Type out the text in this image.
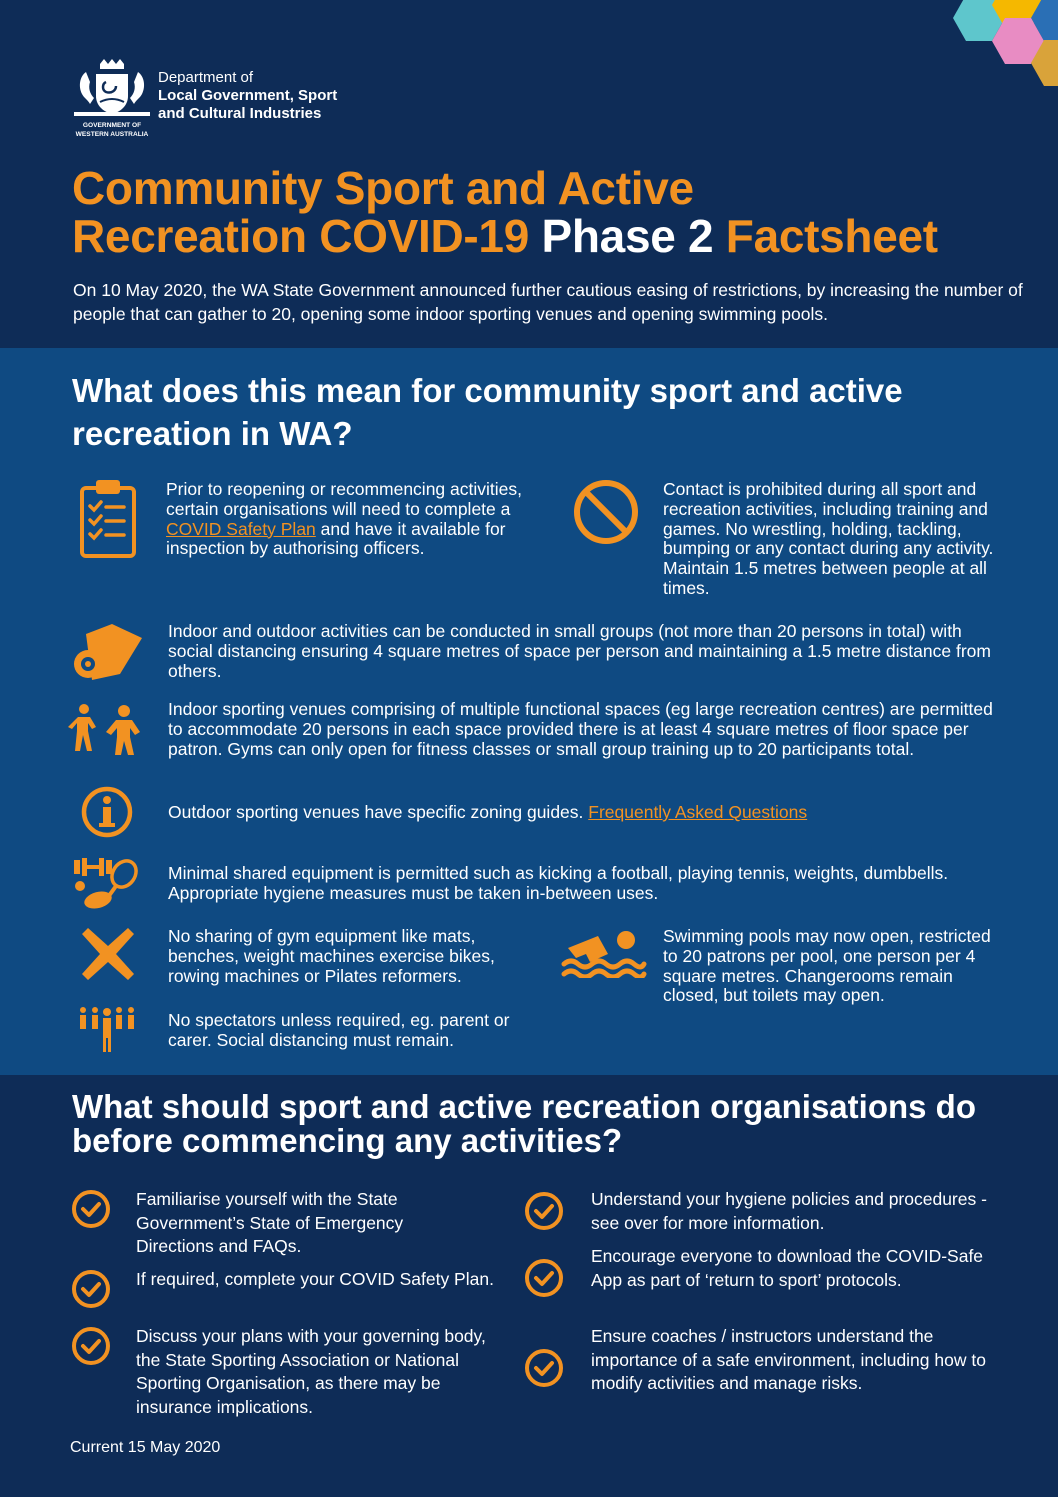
GOVERNMENT OF
WESTERN AUSTRALIA
Department of
Local Government, Sport
and Cultural Industries
Community Sport and Active
Recreation COVID-19 Phase 2 Factsheet
On 10 May 2020, the WA State Government announced further cautious easing of restrictions, by increasing the number of people that can gather to 20, opening some indoor sporting venues and opening swimming pools.
What does this mean for community sport and active recreation in WA?
Prior to reopening or recommencing activities, certain organisations will need to complete a COVID Safety Plan and have it available for inspection by authorising officers.
Contact is prohibited during all sport and recreation activities, including training and games. No wrestling, holding, tackling, bumping or any contact during any activity. Maintain 1.5 metres between people at all times.
Indoor and outdoor activities can be conducted in small groups (not more than 20 persons in total) with social distancing ensuring 4 square metres of space per person and maintaining a 1.5 metre distance from others.
Indoor sporting venues comprising of multiple functional spaces (eg large recreation centres) are permitted to accommodate 20 persons in each space provided there is at least 4 square metres of floor space per patron. Gyms can only open for fitness classes or small group training up to 20 participants total.
Outdoor sporting venues have specific zoning guides. Frequently Asked Questions
Minimal shared equipment is permitted such as kicking a football, playing tennis, weights, dumbbells. Appropriate hygiene measures must be taken in-between uses.
No sharing of gym equipment like mats, benches, weight machines exercise bikes, rowing machines or Pilates reformers.
Swimming pools may now open, restricted to 20 patrons per pool, one person per 4 square metres. Changerooms remain closed, but toilets may open.
No spectators unless required, eg. parent or carer. Social distancing must remain.
What should sport and active recreation organisations do before commencing any activities?
Familiarise yourself with the State Government’s State of Emergency Directions and FAQs.
If required, complete your COVID Safety Plan.
Discuss your plans with your governing body, the State Sporting Association or National Sporting Organisation, as there may be insurance implications.
Understand your hygiene policies and procedures - see over for more information.
Encourage everyone to download the COVID-Safe App as part of ‘return to sport’ protocols.
Ensure coaches / instructors understand the importance of a safe environment, including how to modify activities and manage risks.
Current 15 May 2020
